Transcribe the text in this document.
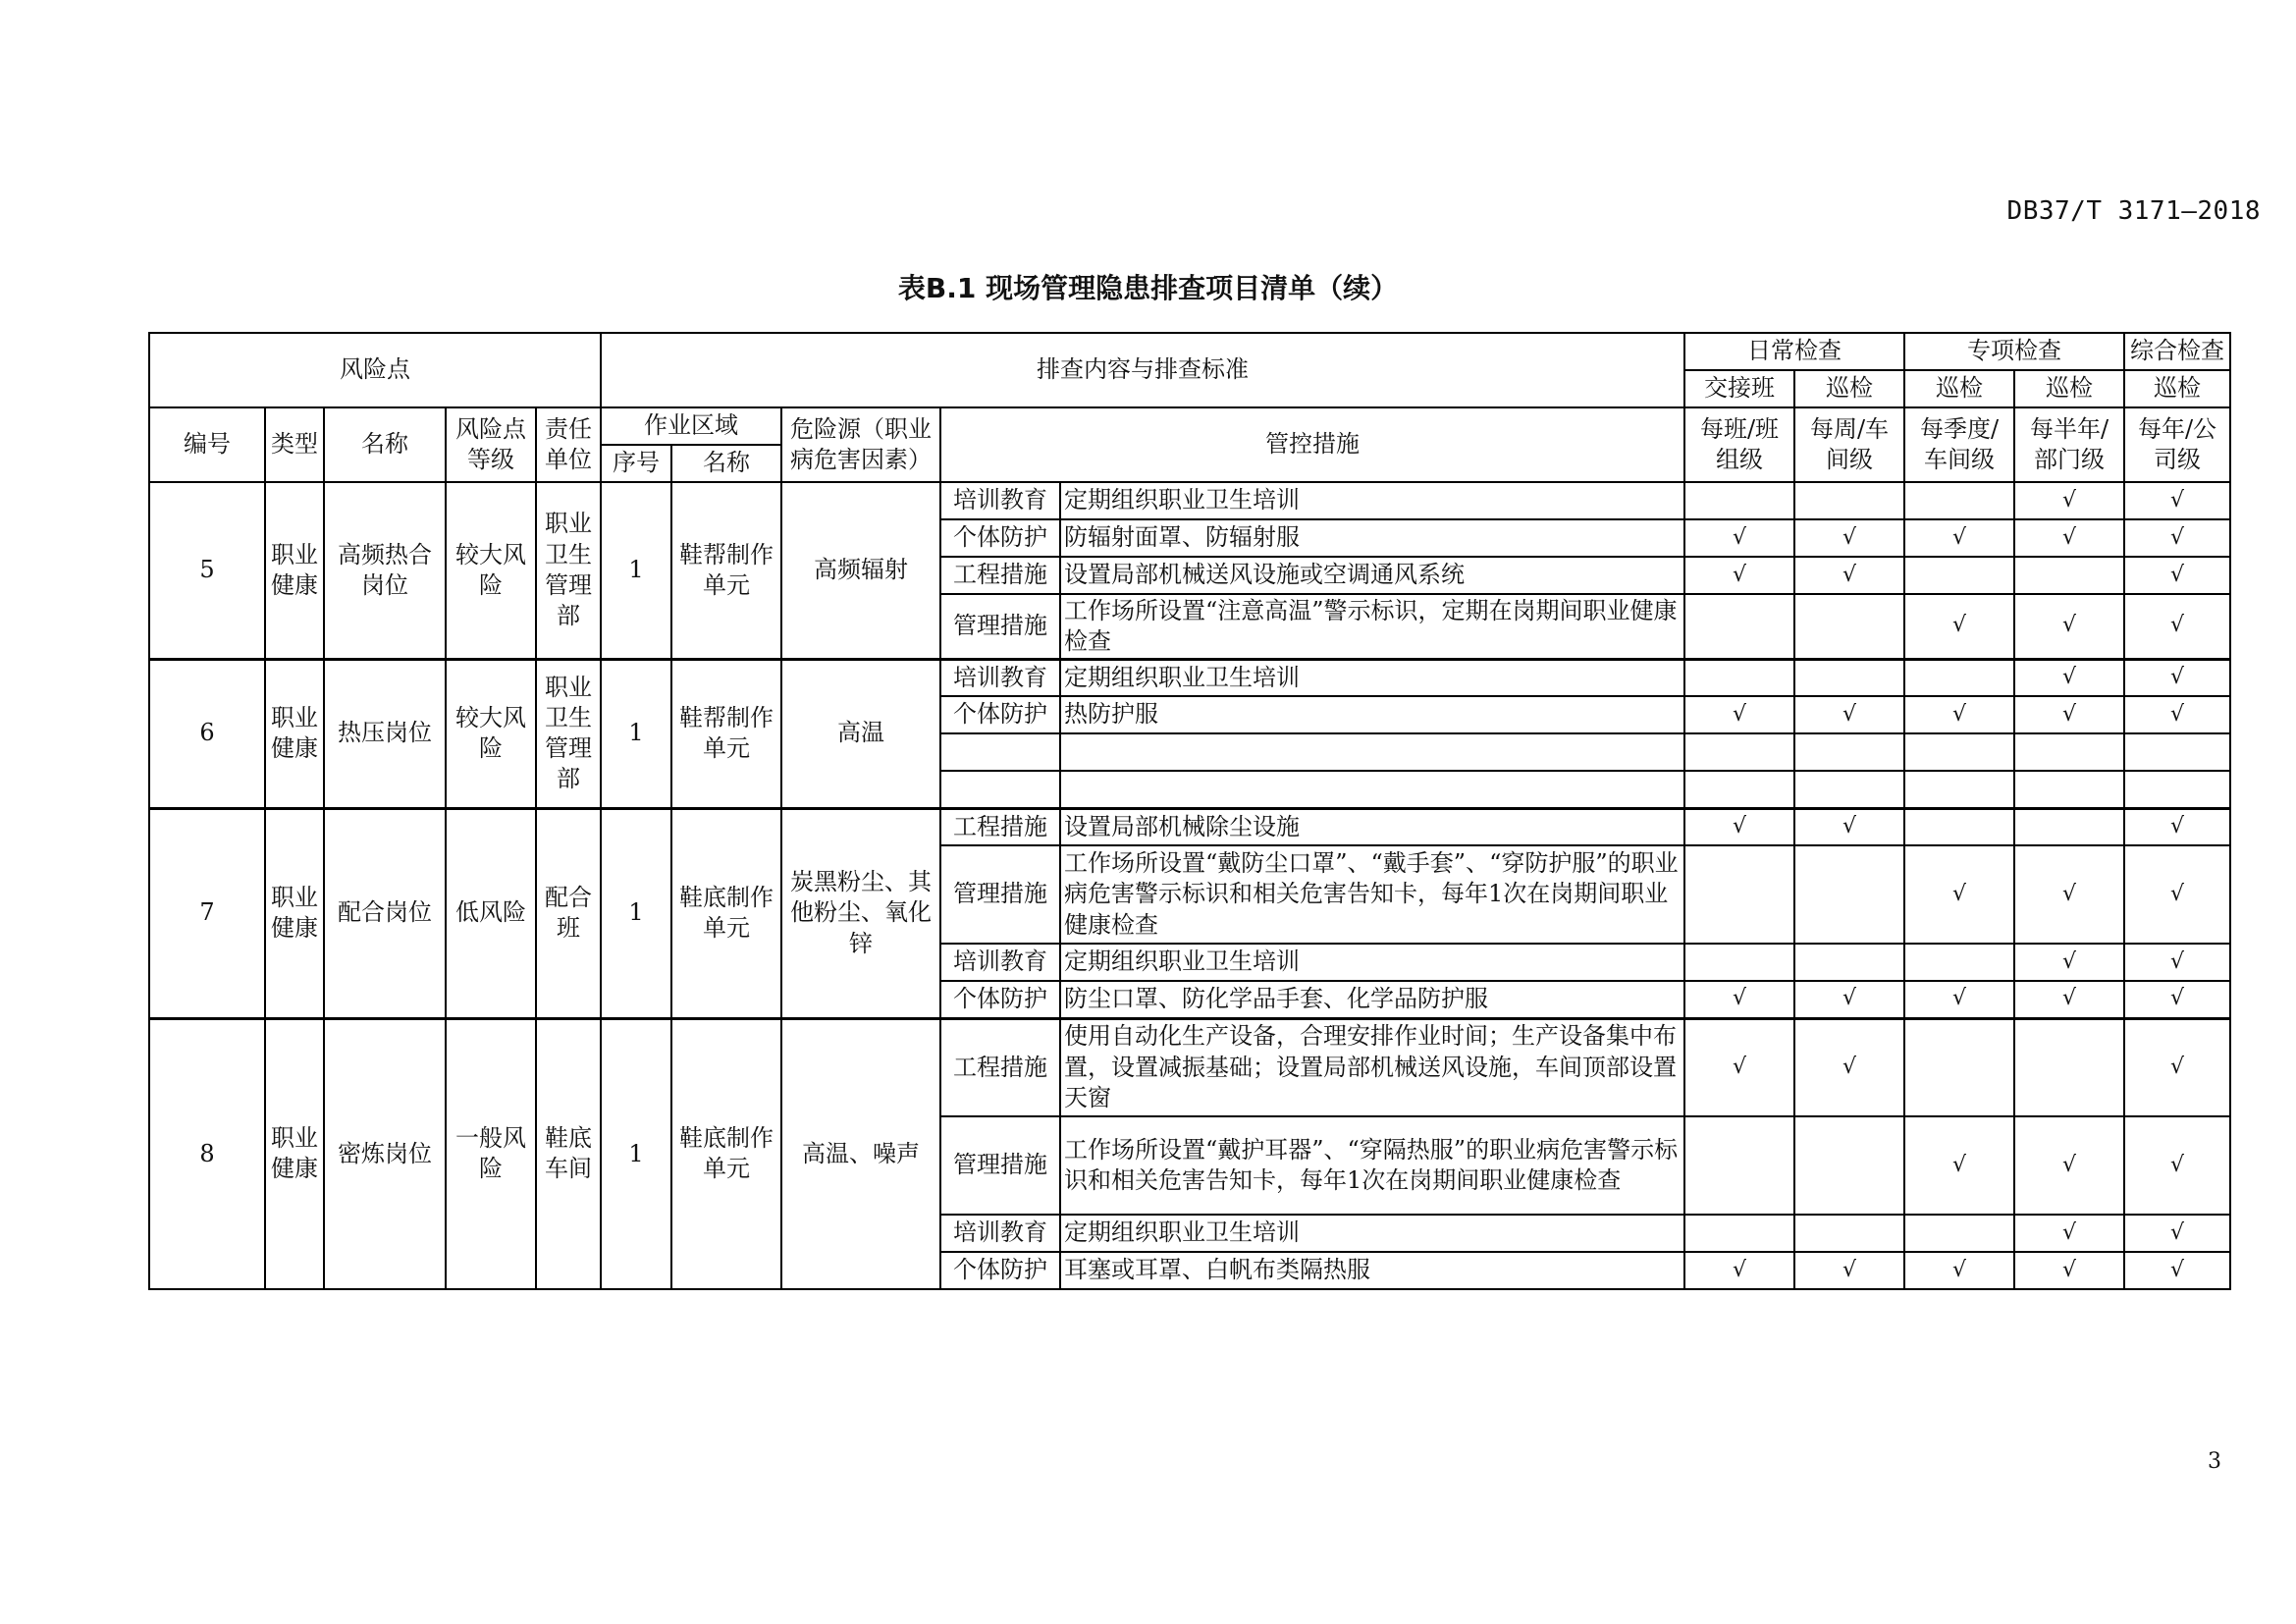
DB37/T 3171—2018
表B.1 现场管理隐患排查项目清单（续）
风险点					排查内容与排查标准					日常检查		专项检查		综合检查
										交接班	巡检	巡检	巡检	巡检
编号	类型	名称	风险点等级	责任单位	作业区域		危险源（职业病危害因素）	管控措施		每班/班组级	每周/车间级	每季度/车间级	每半年/部门级	每年/公司级
					序号	名称								
5	职业健康	高频热合岗位	较大风险	职业卫生管理部	1	鞋帮制作单元	高频辐射	培训教育	定期组织职业卫生培训				√	√
								个体防护	防辐射面罩、防辐射服	√	√	√	√	√
								工程措施	设置局部机械送风设施或空调通风系统	√	√			√
								管理措施	工作场所设置“注意高温”警示标识，定期在岗期间职业健康检查			√	√	√
6	职业健康	热压岗位	较大风险	职业卫生管理部	1	鞋帮制作单元	高温	培训教育	定期组织职业卫生培训				√	√
								个体防护	热防护服	√	√	√	√	√

7	职业健康	配合岗位	低风险	配合班	1	鞋底制作单元	炭黑粉尘、其他粉尘、氧化锌	工程措施	设置局部机械除尘设施	√	√			√
								管理措施	工作场所设置“戴防尘口罩”、“戴手套”、“穿防护服”的职业病危害警示标识和相关危害告知卡，每年1次在岗期间职业健康检查			√	√	√
								培训教育	定期组织职业卫生培训				√	√
								个体防护	防尘口罩、防化学品手套、化学品防护服	√	√	√	√	√
8	职业健康	密炼岗位	一般风险	鞋底车间	1	鞋底制作单元	高温、噪声	工程措施	使用自动化生产设备，合理安排作业时间；生产设备集中布置，设置减振基础；设置局部机械送风设施，车间顶部设置天窗	√	√			√
								管理措施	工作场所设置“戴护耳器”、“穿隔热服”的职业病危害警示标识和相关危害告知卡，每年1次在岗期间职业健康检查			√	√	√
								培训教育	定期组织职业卫生培训				√	√
								个体防护	耳塞或耳罩、白帆布类隔热服	√	√	√	√	√
3
